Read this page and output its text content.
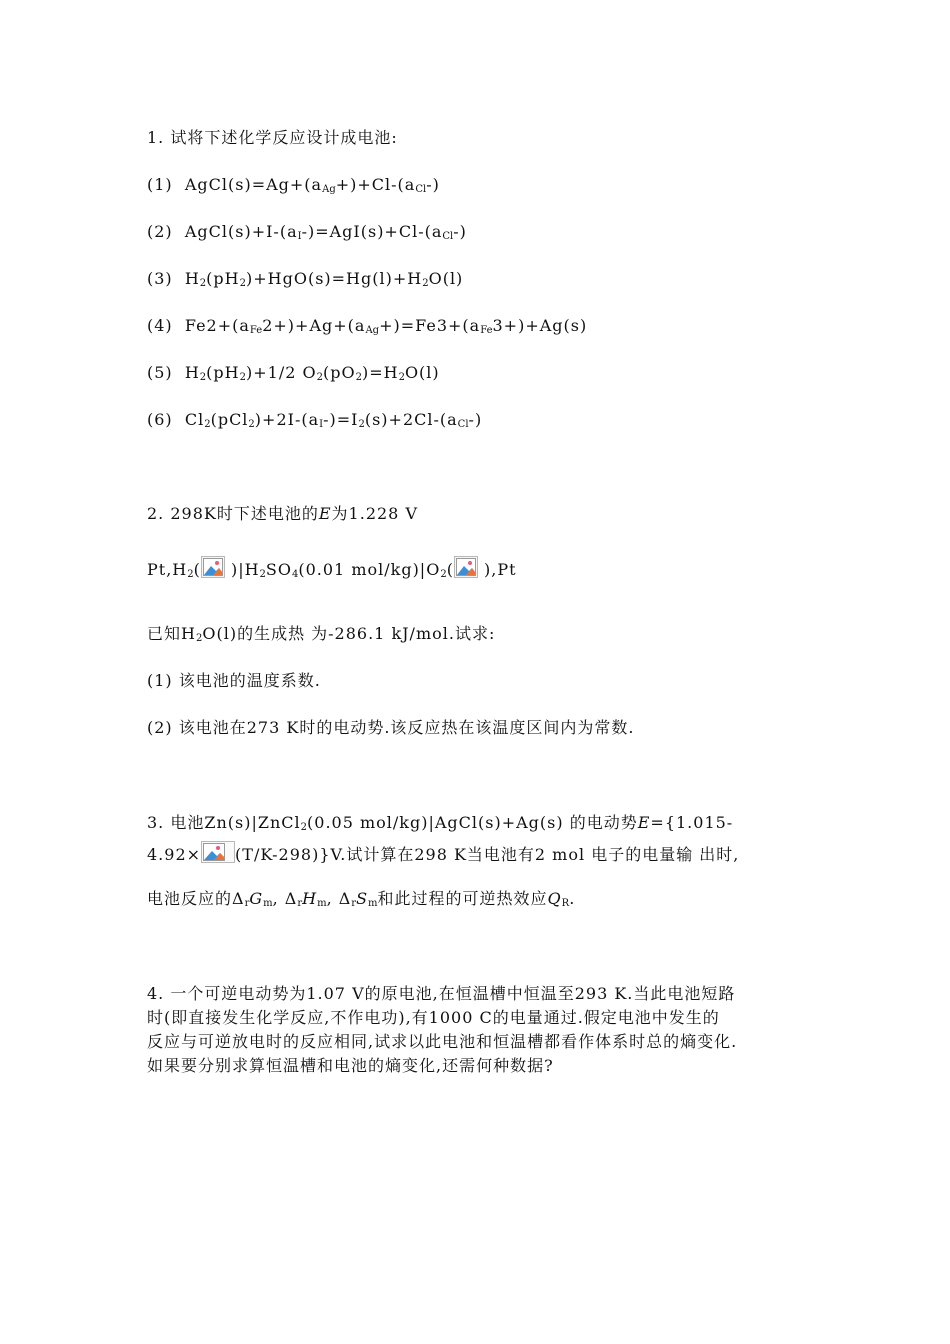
1. 试将下述化学反应设计成电池:
(1) $AgCl(s)=Ag+(a_{Ag}+)+Cl-(a_{Cl}-)$
(2) $AgCl(s)+I-(a_I-)=AgI(s)+Cl-(a_{Cl}-)$
(3) $H_2(pH_2)+HgO(s)=Hg(l)+H_2O(l)$
(4) $Fe2+(a_{Fe}2+)+Ag+(a_{Ag}+)=Fe3+(a_{Fe}3+)+Ag(s)$
(5) $H_2(pH_2)+1/2$ $O_2(pO_2)=H_2O(l)$
(6) $Cl_2(pCl_2)+2I-(a_I-)=I_2(s)+2Cl-(a_{Cl}-)$
2. 298K时下述电池的E为1.228 V
$Pt,H_2$(
)$|H_2SO_4(0.01$ mol/$kg)|O_2$(
),Pt
已知$H_2O(l)$的生成热 为-286.1 kJ/mol.试求:
(1) 该电池的温度系数.
(2) 该电池在273 K时的电动势.该反应热在该温度区间内为常数.
3. 电池Zn(s)|ZnCl$_2$(0.05 mol/kg)|AgCl(s)+Ag(s) 的电动势E={1.015-
4.92× (T/K-298)}V.试计算在298 K当电池有2 mol 电子的电量输 出时,
电池反应的$\Delta_rG_m$, $\Delta_rH_m$, $\Delta_rS_m$和此过程的可逆热效应$Q_R$.
4. 一个可逆电动势为1.07 V的原电池,在恒温槽中恒温至293 K.当此电池短路
时(即直接发生化学反应,不作电功),有1000 C的电量通过.假定电池中发生的
反应与可逆放电时的反应相同,试求以此电池和恒温槽都看作体系时总的熵变化.
如果要分别求算恒温槽和电池的熵变化,还需何种数据?
